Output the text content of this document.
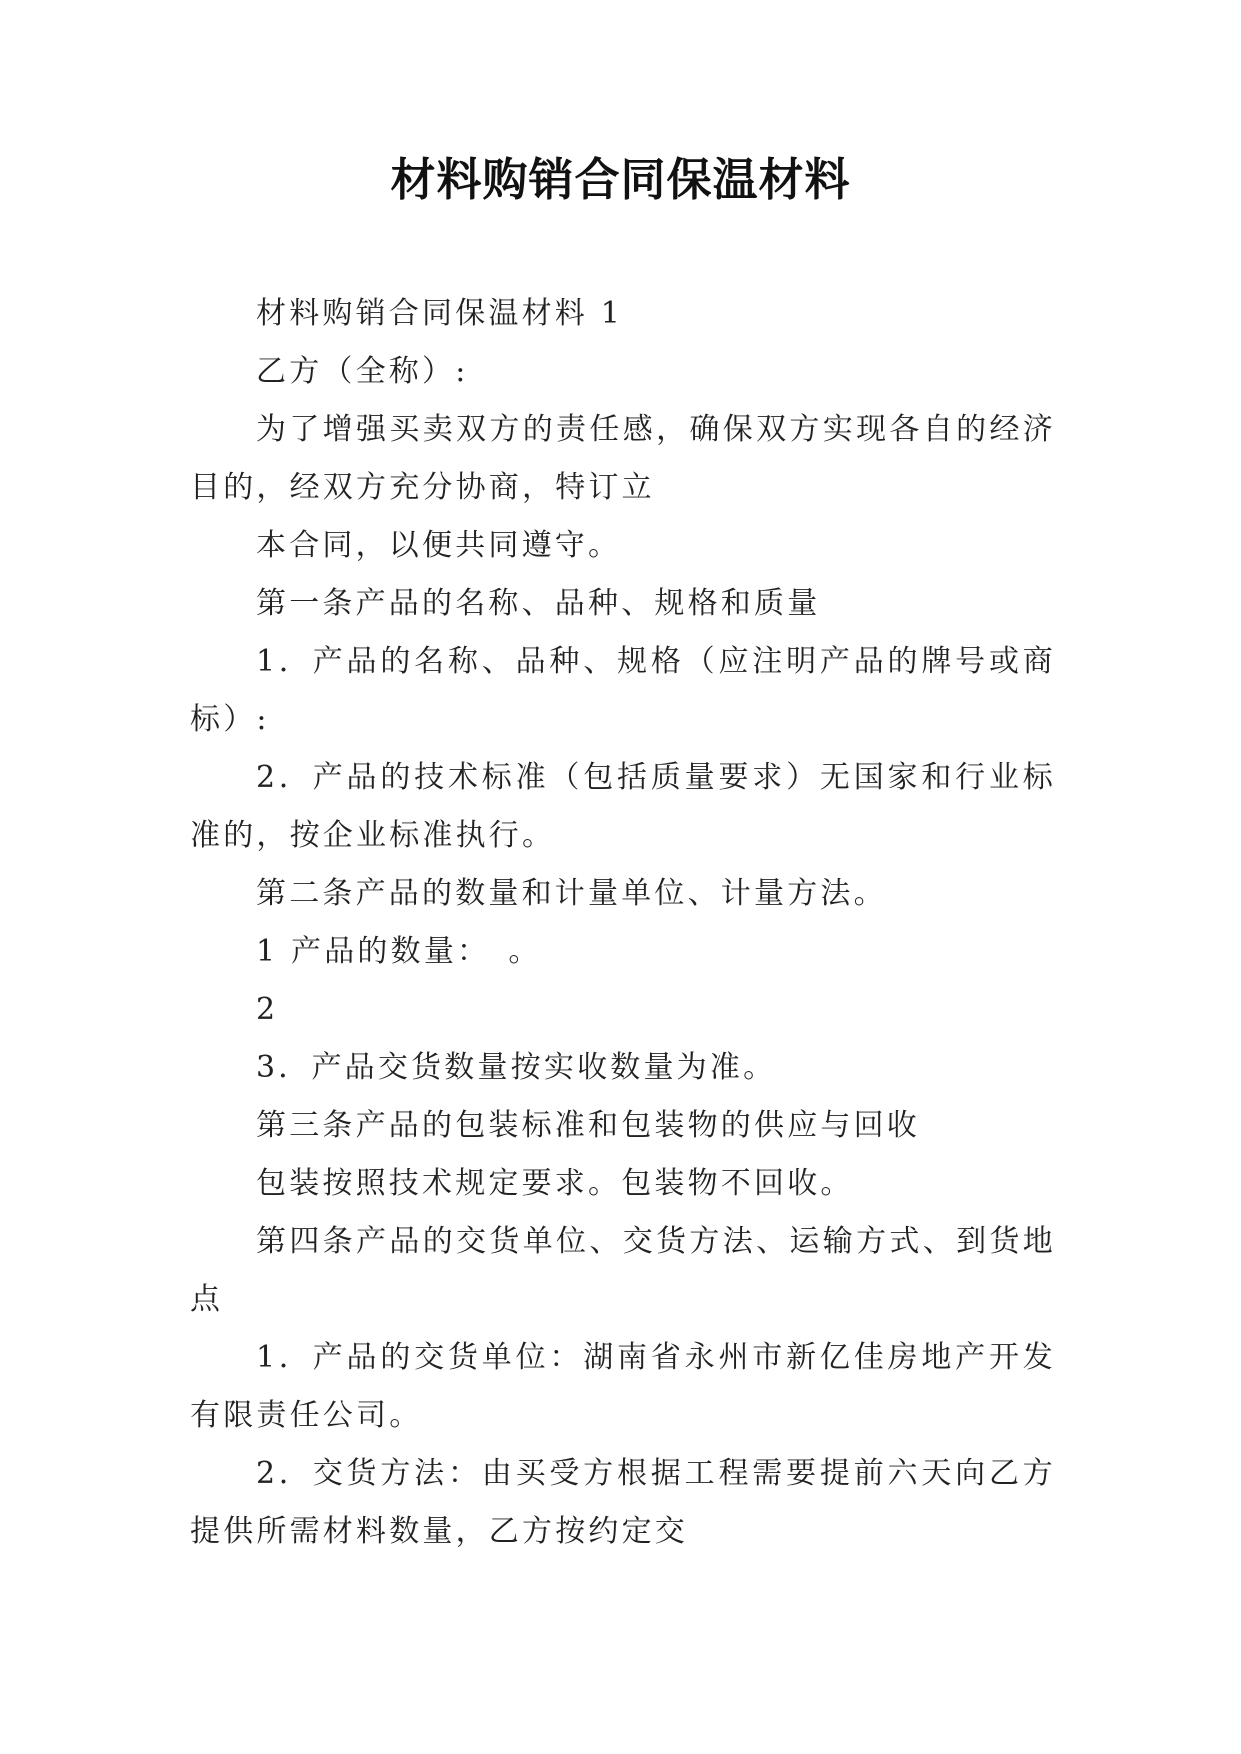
材料购销合同保温材料

材料购销合同保温材料 1

乙方（全称）:

为了增强买卖双方的责任感，确保双方实现各自的经济目的，经双方充分协商，特订立

本合同，以便共同遵守。

第一条产品的名称、品种、规格和质量

1．产品的名称、品种、规格（应注明产品的牌号或商标）:

2．产品的技术标准（包括质量要求）无国家和行业标准的，按企业标准执行。

第二条产品的数量和计量单位、计量方法。

1 产品的数量：　。

2

3．产品交货数量按实收数量为准。

第三条产品的包装标准和包装物的供应与回收

包装按照技术规定要求。包装物不回收。

第四条产品的交货单位、交货方法、运输方式、到货地点

1．产品的交货单位：湖南省永州市新亿佳房地产开发有限责任公司。

2．交货方法：由买受方根据工程需要提前六天向乙方提供所需材料数量，乙方按约定交
